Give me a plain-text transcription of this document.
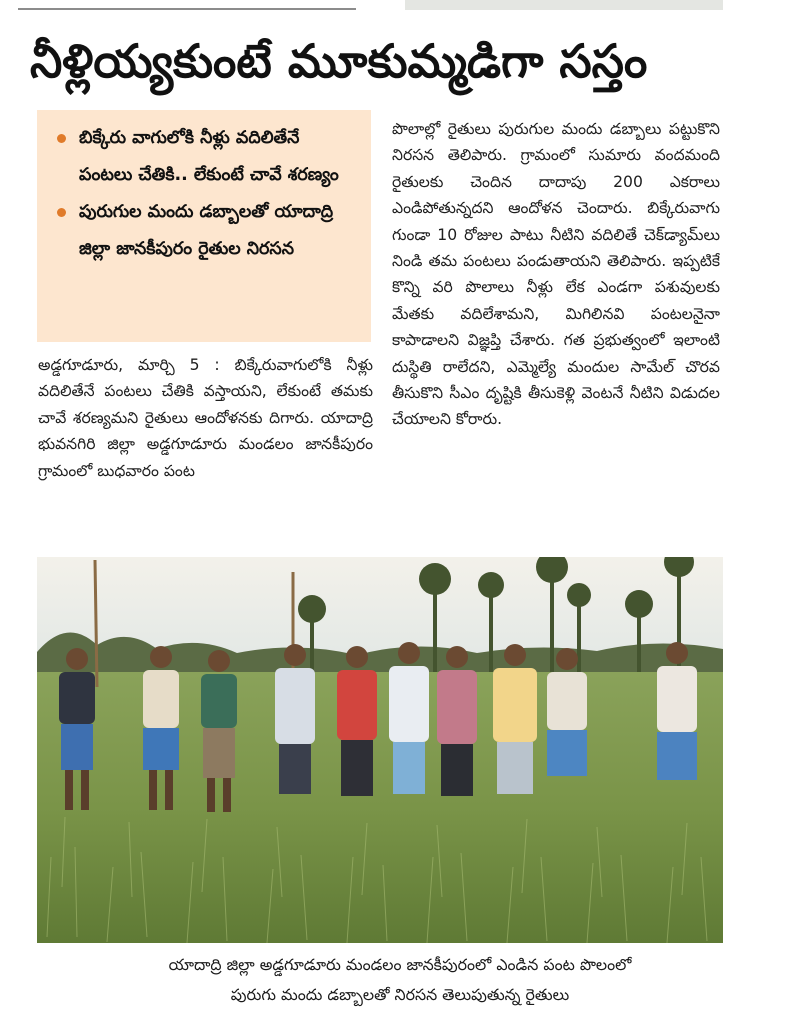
నీళ్లియ్యకుంటే మూకుమ్మడిగా సస్తం
బిక్కేరు వాగులోకి నీళ్లు వదిలితేనే పంటలు చేతికి.. లేకుంటే చావే శరణ్యం
పురుగుల మందు డబ్బాలతో యాదాద్రి జిల్లా జానకీపురం రైతుల నిరసన

అడ్డగూడూరు, మార్చి 5 : బిక్కేరువాగులోకి నీళ్లు వదిలితేనే పంటలు చేతికి వస్తాయని, లేకుంటే తమకు చావే శరణ్యమని రైతులు ఆందోళనకు దిగారు. యాదాద్రి భువనగిరి జిల్లా అడ్డగూడూరు మండలం జానకీపురం గ్రామంలో బుధవారం పంట

పొలాల్లో రైతులు పురుగుల మందు డబ్బాలు పట్టుకొని నిరసన తెలిపారు. గ్రామంలో సుమారు వందమంది రైతులకు చెందిన దాదాపు 200 ఎకరాలు ఎండిపోతున్నదని ఆందోళన చెందారు. బిక్కేరువాగు గుండా 10 రోజుల పాటు నీటిని వదిలితే చెక్‌డ్యామ్‌లు నిండి తమ పంటలు పండుతాయని తెలిపారు. ఇప్పటికే కొన్ని వరి పొలాలు నీళ్లు లేక ఎండగా పశువులకు మేతకు వదిలేశామని, మిగిలినవి పంటలనైనా కాపాడాలని విజ్ఞప్తి చేశారు. గత ప్రభుత్వంలో ఇలాంటి దుస్థితి రాలేదని, ఎమ్మెల్యే మందుల సామేల్ చొరవ తీసుకొని సీఎం దృష్టికి తీసుకెళ్లి వెంటనే నీటిని విడుదల చేయాలని కోరారు.

యాదాద్రి జిల్లా అడ్డగూడూరు మండలం జానకీపురంలో ఎండిన పంట పొలంలో
పురుగు మందు డబ్బాలతో నిరసన తెలుపుతున్న రైతులు
